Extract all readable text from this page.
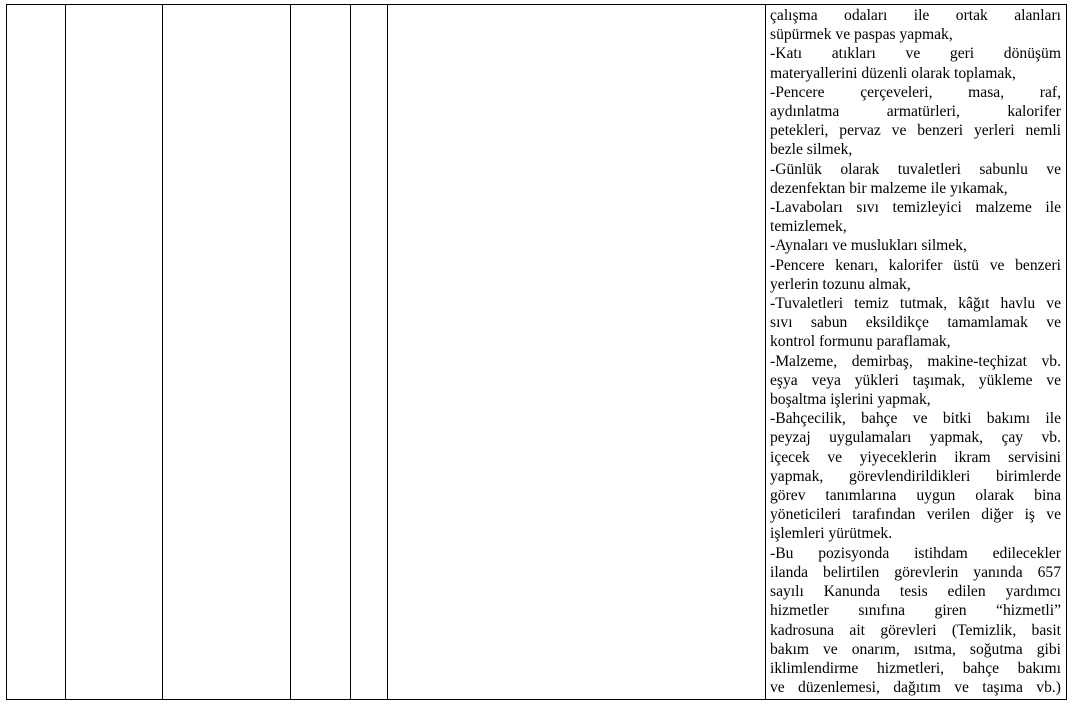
çalışma odaları ile ortak alanları
süpürmek ve paspas yapmak,
-Katı atıkları ve geri dönüşüm
materyallerini düzenli olarak toplamak,
-Pencere çerçeveleri, masa, raf,
aydınlatma armatürleri, kalorifer
petekleri, pervaz ve benzeri yerleri nemli
bezle silmek,
-Günlük olarak tuvaletleri sabunlu ve
dezenfektan bir malzeme ile yıkamak,
-Lavaboları sıvı temizleyici malzeme ile
temizlemek,
-Aynaları ve muslukları silmek,
-Pencere kenarı, kalorifer üstü ve benzeri
yerlerin tozunu almak,
-Tuvaletleri temiz tutmak, kâğıt havlu ve
sıvı sabun eksildikçe tamamlamak ve
kontrol formunu paraflamak,
-Malzeme, demirbaş, makine-teçhizat vb.
eşya veya yükleri taşımak, yükleme ve
boşaltma işlerini yapmak,
-Bahçecilik, bahçe ve bitki bakımı ile
peyzaj uygulamaları yapmak, çay vb.
içecek ve yiyeceklerin ikram servisini
yapmak, görevlendirildikleri birimlerde
görev tanımlarına uygun olarak bina
yöneticileri tarafından verilen diğer iş ve
işlemleri yürütmek.
-Bu pozisyonda istihdam edilecekler
ilanda belirtilen görevlerin yanında 657
sayılı Kanunda tesis edilen yardımcı
hizmetler sınıfına giren “hizmetli”
kadrosuna ait görevleri (Temizlik, basit
bakım ve onarım, ısıtma, soğutma gibi
iklimlendirme hizmetleri, bahçe bakımı
ve düzenlemesi, dağıtım ve taşıma vb.)
